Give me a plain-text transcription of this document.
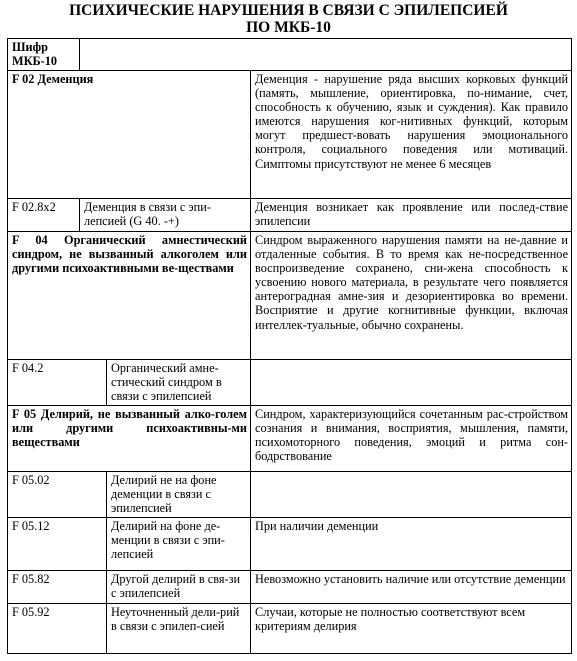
ПСИХИЧЕСКИЕ НАРУШЕНИЯ В СВЯЗИ С ЭПИЛЕПСИЕЙ
ПО МКБ-10
Шифр МКБ-10			
F 02 Деменция			Деменция - нарушение ряда высших корковых функций (память, мышление, ориентировка, по-нимание, счет, способность к обучению, язык и суждения). Как правило имеются нарушения ког-нитивных функций, которым могут предшест-вовать нарушения эмоционального контроля, социального поведения или мотиваций. Симптомы присутствуют не менее 6 месяцев
F 02.8x2	Деменция в связи с эпи-лепсией (G 40. -+)		Деменция возникает как проявление или послед-ствие эпилепсии
F 04 Органический амнестический синдром, не вызванный алкоголем или другими психоактивными ве-ществами			Синдром выраженного нарушения памяти на не-давние и отдаленные события. В то время как не-посредственное воспроизведение сохранено, сни-жена способность к усвоению нового материала, в результате чего появляется антероградная амне-зия и дезориентировка во времени. Восприятие и другие когнитивные функции, включая интеллек-туальные, обычно сохранены.
F 04.2		Органический амне-стический синдром в связи с эпилепсией	
F 05 Делирий, не вызванный алко-голем или другими психоактивны-ми веществами			Синдром, характеризующийся сочетанным рас-стройством сознания и внимания, восприятия, мышления, памяти, психомоторного поведения, эмоций и ритма сон-бодрствование
F 05.02		Делирий не на фоне деменции в связи с эпилепсией	
F 05.12		Делирий на фоне де-менции в связи с эпи-лепсией	При наличии деменции
F 05.82		Другой делирий в свя-зи с эпилепсией	Невозможно установить наличие или отсутствие деменции
F 05.92		Неуточненный дели-рий в связи с эпилеп-сией	Случаи, которые не полностью соответствуют всем критериям делирия
